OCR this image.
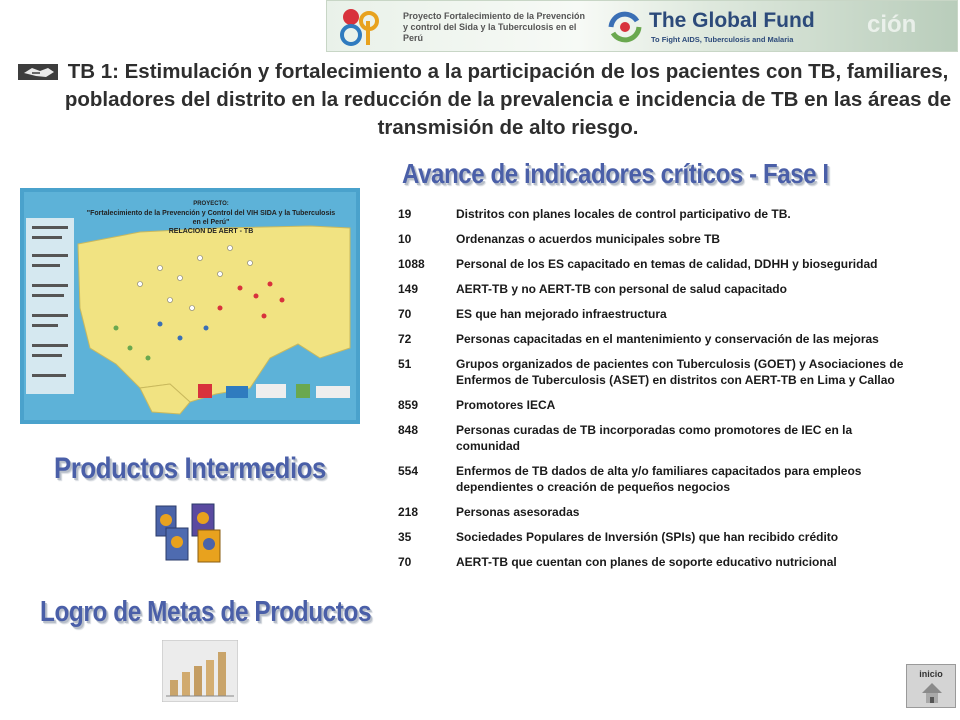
Proyecto Fortalecimiento de la Prevención y control del Sida y la Tuberculosis en el Perú
The Global Fund
To Fight AIDS, Tuberculosis and Malaria
ción
TB 1: Estimulación y fortalecimiento a la participación de los pacientes con TB, familiares, pobladores del distrito en la reducción de la prevalencia e incidencia de TB en las áreas de transmisión de alto riesgo.
Avance de indicadores críticos - Fase I
PROYECTO:
"Fortalecimiento de la Prevención y Control del VIH SIDA y la Tuberculosis en el Perú"
RELACION DE AERT - TB
19	Distritos con planes locales de control participativo de TB.
10	Ordenanzas o acuerdos municipales sobre TB
1088	Personal de los ES capacitado en temas de calidad, DDHH y bioseguridad
149	AERT-TB y no AERT-TB con personal de salud capacitado
70	ES que han mejorado infraestructura
72	Personas capacitadas en el mantenimiento y conservación de las mejoras
51	Grupos organizados de pacientes con Tuberculosis (GOET) y Asociaciones de Enfermos de Tuberculosis (ASET) en distritos con AERT-TB en Lima y Callao
859	Promotores IECA
848	Personas curadas de TB incorporadas como promotores de IEC en la comunidad
554	Enfermos de TB dados de alta y/o familiares capacitados para empleos dependientes o creación de pequeños negocios
218	Personas asesoradas
35	Sociedades Populares de Inversión (SPIs) que han recibido crédito
70	AERT-TB que cuentan con planes de soporte educativo nutricional
Productos Intermedios
Logro de Metas de Productos
inicio
